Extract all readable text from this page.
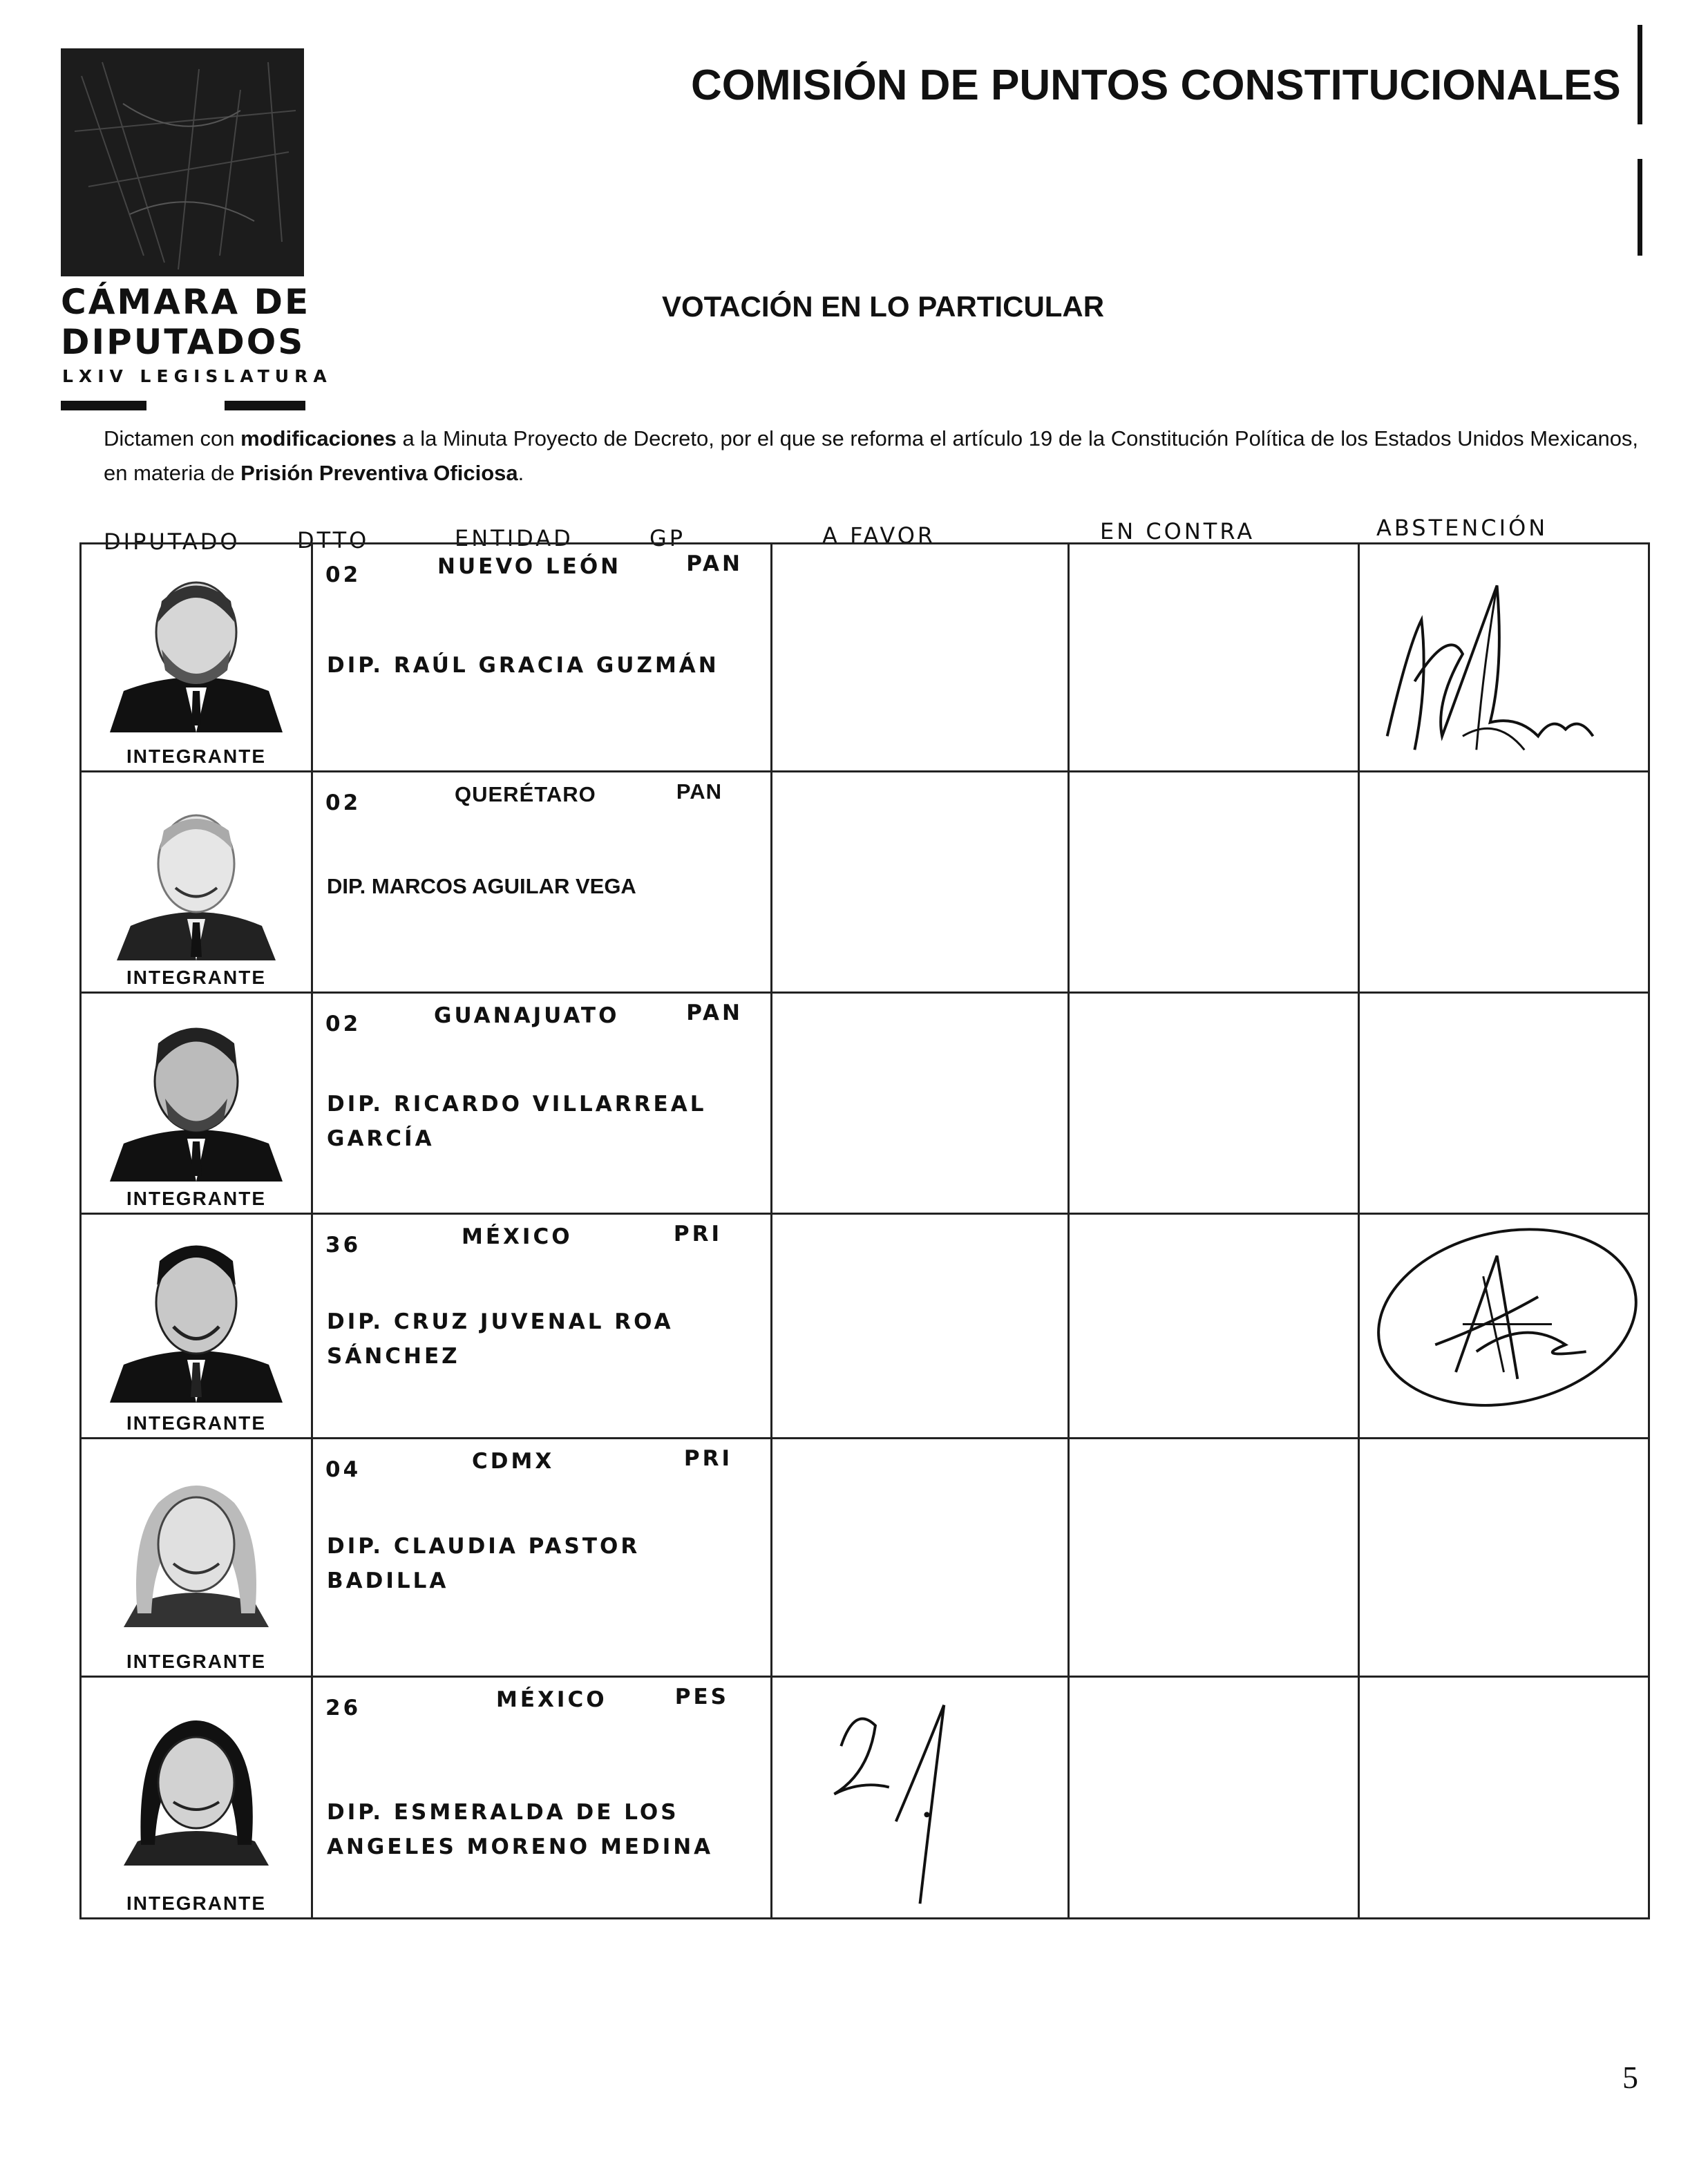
CÁMARA DE
DIPUTADOS
LXIV LEGISLATURA
COMISIÓN DE PUNTOS CONSTITUCIONALES
VOTACIÓN EN LO PARTICULAR
Dictamen con modificaciones a la Minuta Proyecto de Decreto, por el que se reforma el artículo 19 de la Constitución Política de los Estados Unidos Mexicanos, en materia de Prisión Preventiva Oficiosa.
DIPUTADO	DTTO	ENTIDAD	GP	A FAVOR	EN CONTRA	ABSTENCIÓN
INTEGRANTE	02 NUEVO LEÓN PAN
DIP. RAÚL GRACIA GUZMÁN

INTEGRANTE	02 QUERÉTARO PAN
DIP. MARCOS AGUILAR VEGA			

INTEGRANTE	02 GUANAJUATO PAN
DIP. RICARDO VILLARREAL
GARCÍA			

INTEGRANTE	36 MÉXICO PRI
DIP. CRUZ JUVENAL ROA
SÁNCHEZ

INTEGRANTE	04 CDMX PRI
DIP. CLAUDIA PASTOR BADILLA			

INTEGRANTE	26 MÉXICO PES
DIP. ESMERALDA DE LOS
ANGELES MORENO MEDINA

5
